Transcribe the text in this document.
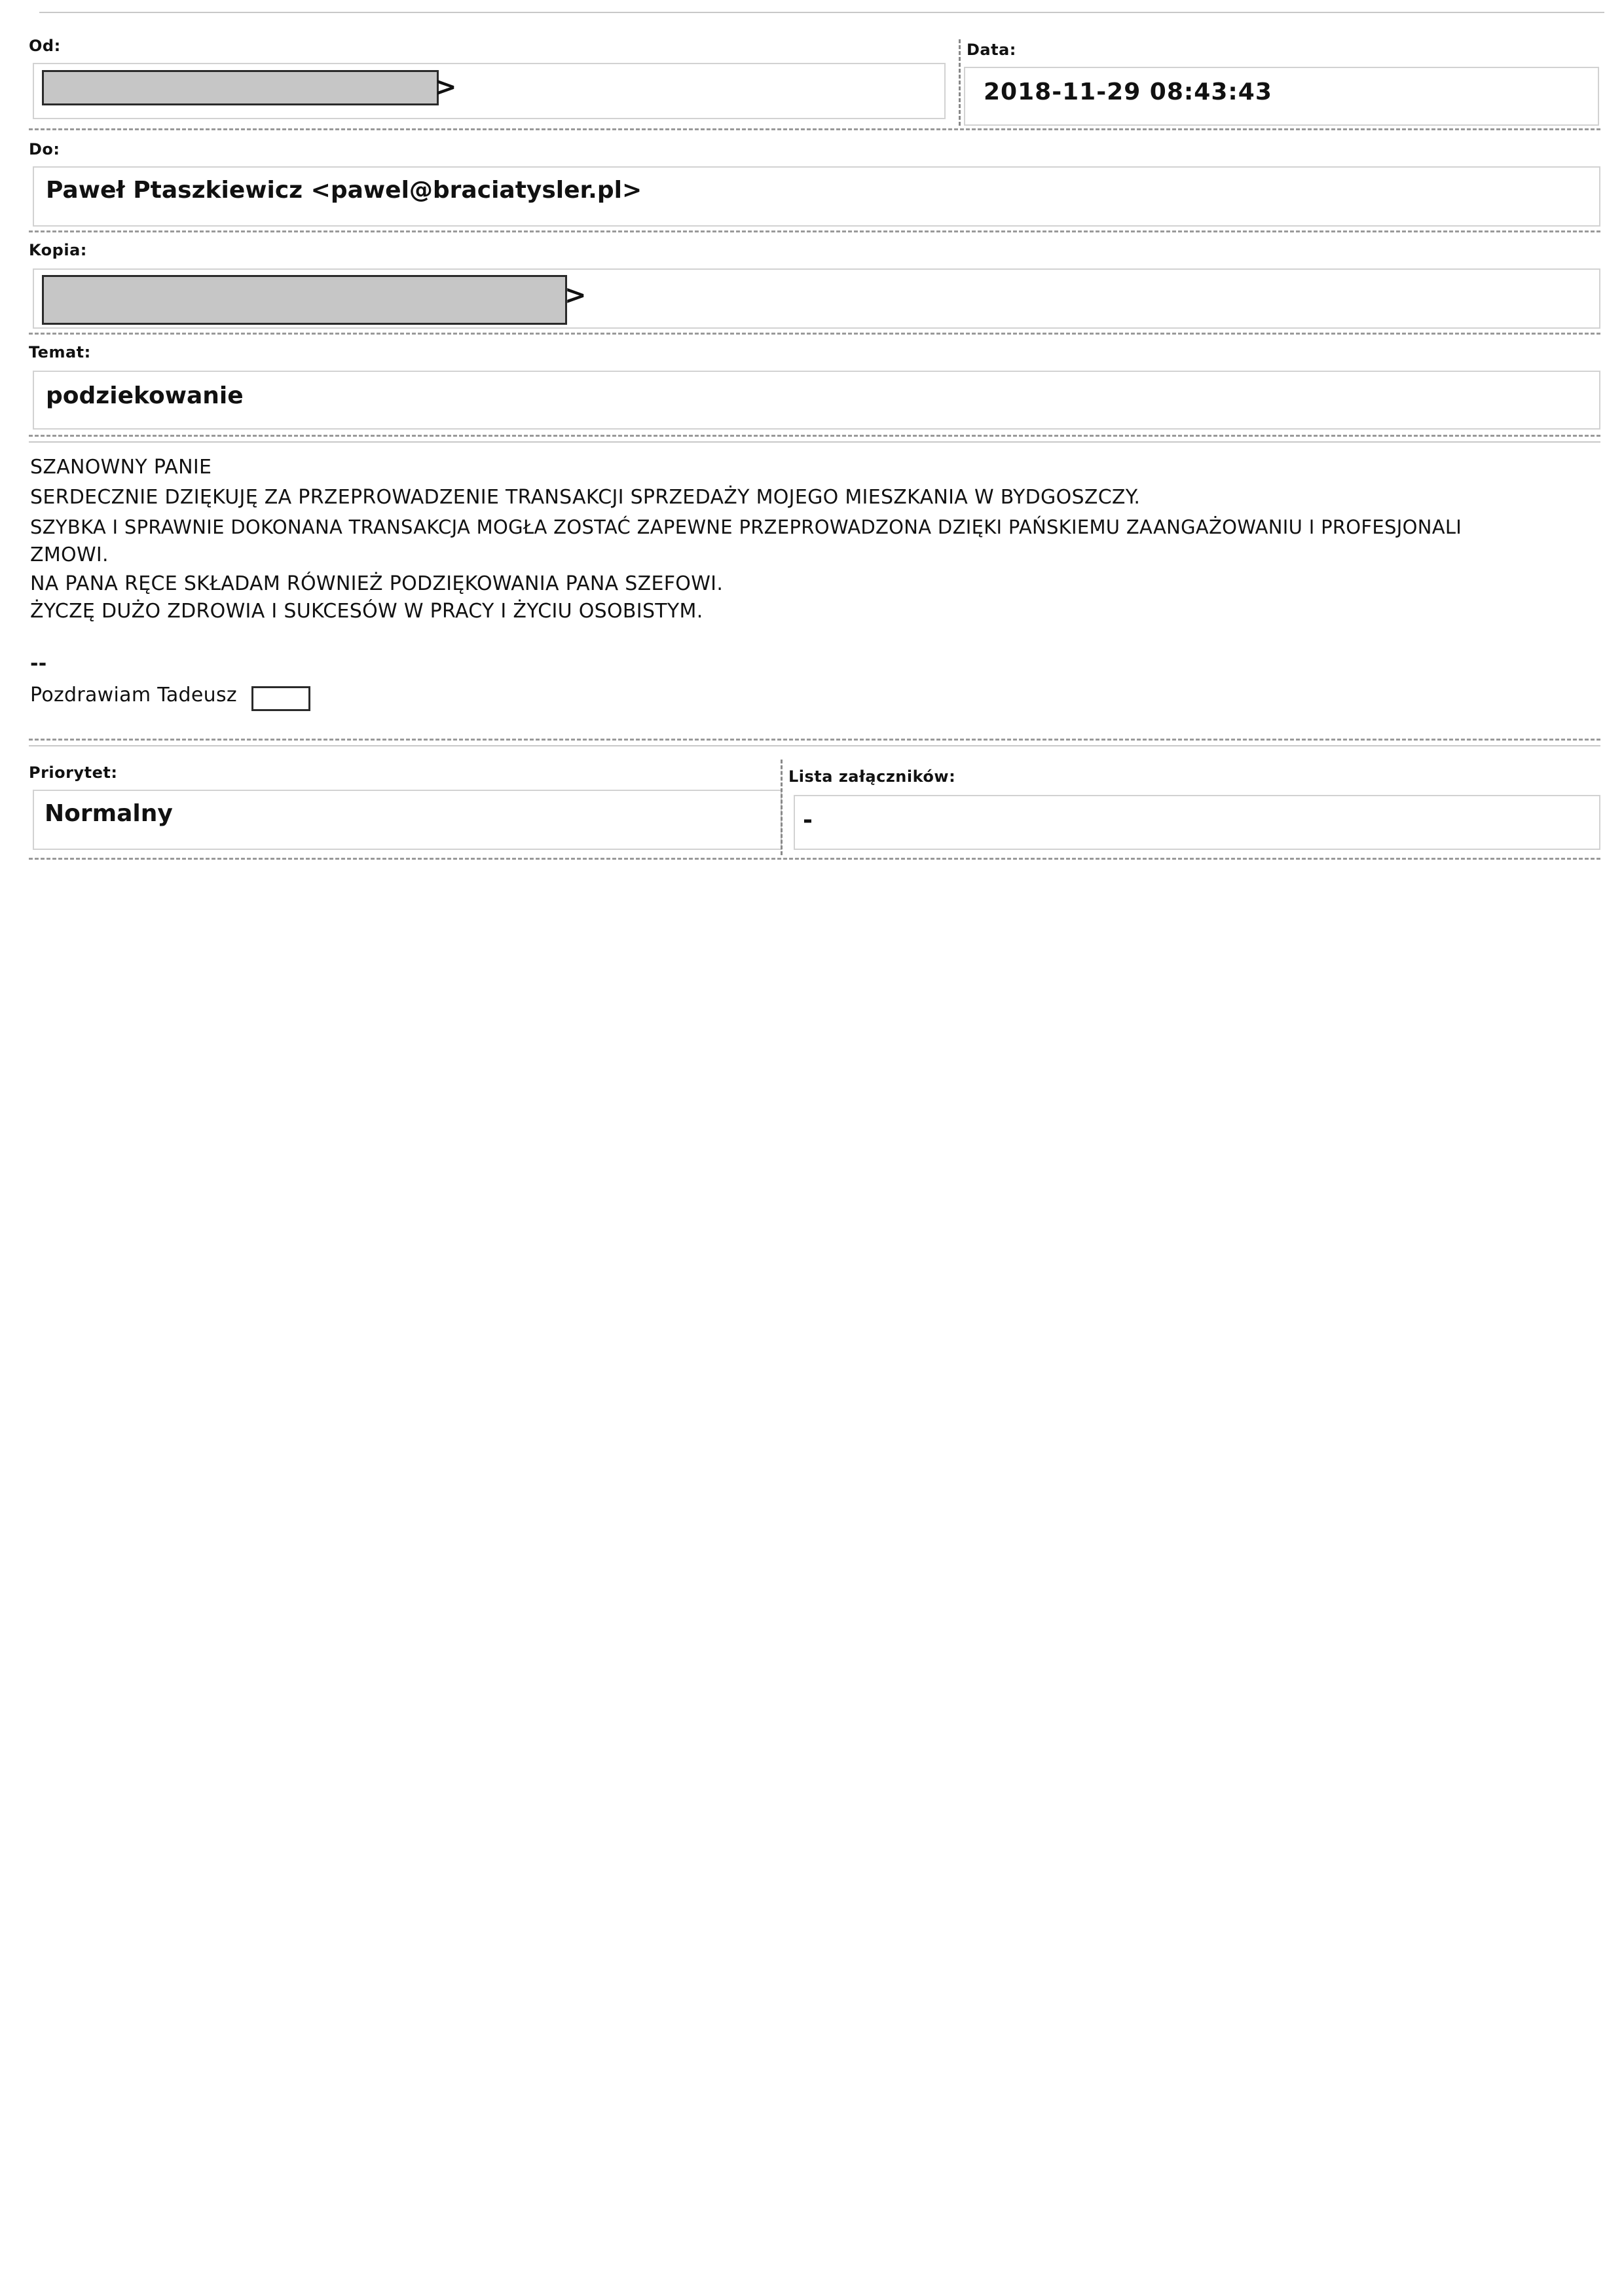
Od:
>
Data:
2018-11-29 08:43:43
Do:
Paweł Ptaszkiewicz <pawel@braciatysler.pl>
Kopia:
>
Temat:
podziekowanie
SZANOWNY PANIE
SERDECZNIE DZIĘKUJĘ ZA PRZEPROWADZENIE TRANSAKCJI SPRZEDAŻY MOJEGO MIESZKANIA W BYDGOSZCZY.
SZYBKA I SPRAWNIE DOKONANA TRANSAKCJA MOGŁA ZOSTAĆ ZAPEWNE PRZEPROWADZONA DZIĘKI PAŃSKIEMU ZAANGAŻOWANIU I PROFESJONALI
ZMOWI.
NA PANA RĘCE SKŁADAM RÓWNIEŻ PODZIĘKOWANIA PANA SZEFOWI.
ŻYCZĘ DUŻO ZDROWIA I SUKCESÓW W PRACY I ŻYCIU OSOBISTYM.
--
Pozdrawiam Tadeusz
Priorytet:
Normalny
Lista załączników:
-
